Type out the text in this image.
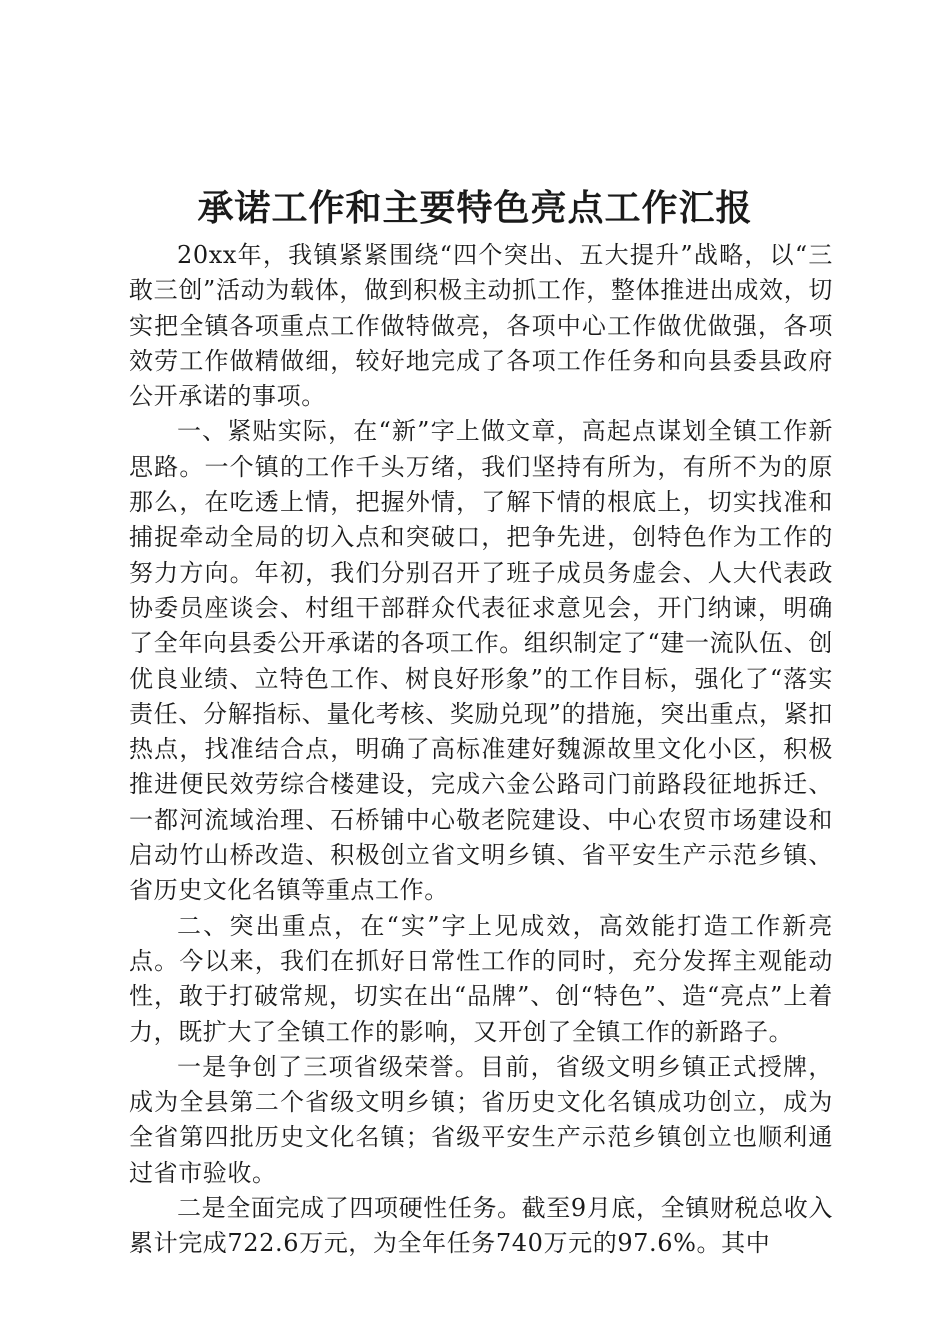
承诺工作和主要特色亮点工作汇报

20xx年，我镇紧紧围绕“四个突出、五大提升”战略，以“三敢三创”活动为载体，做到积极主动抓工作，整体推进出成效，切实把全镇各项重点工作做特做亮，各项中心工作做优做强，各项效劳工作做精做细，较好地完成了各项工作任务和向县委县政府公开承诺的事项。

一、紧贴实际，在“新”字上做文章，高起点谋划全镇工作新思路。一个镇的工作千头万绪，我们坚持有所为，有所不为的原那么，在吃透上情，把握外情，了解下情的根底上，切实找准和捕捉牵动全局的切入点和突破口，把争先进，创特色作为工作的努力方向。年初，我们分别召开了班子成员务虚会、人大代表政协委员座谈会、村组干部群众代表征求意见会，开门纳谏，明确了全年向县委公开承诺的各项工作。组织制定了“建一流队伍、创优良业绩、立特色工作、树良好形象”的工作目标，强化了“落实责任、分解指标、量化考核、奖励兑现”的措施，突出重点，紧扣热点，找准结合点，明确了高标准建好魏源故里文化小区，积极推进便民效劳综合楼建设，完成六金公路司门前路段征地拆迁、一都河流域治理、石桥铺中心敬老院建设、中心农贸市场建设和启动竹山桥改造、积极创立省文明乡镇、省平安生产示范乡镇、省历史文化名镇等重点工作。

二、突出重点，在“实”字上见成效，高效能打造工作新亮点。今以来，我们在抓好日常性工作的同时，充分发挥主观能动性，敢于打破常规，切实在出“品牌”、创“特色”、造“亮点”上着力，既扩大了全镇工作的影响，又开创了全镇工作的新路子。

一是争创了三项省级荣誉。目前，省级文明乡镇正式授牌，成为全县第二个省级文明乡镇；省历史文化名镇成功创立，成为全省第四批历史文化名镇；省级平安生产示范乡镇创立也顺利通过省市验收。

二是全面完成了四项硬性任务。截至9月底，全镇财税总收入累计完成722.6万元，为全年任务740万元的97.6%。其中
